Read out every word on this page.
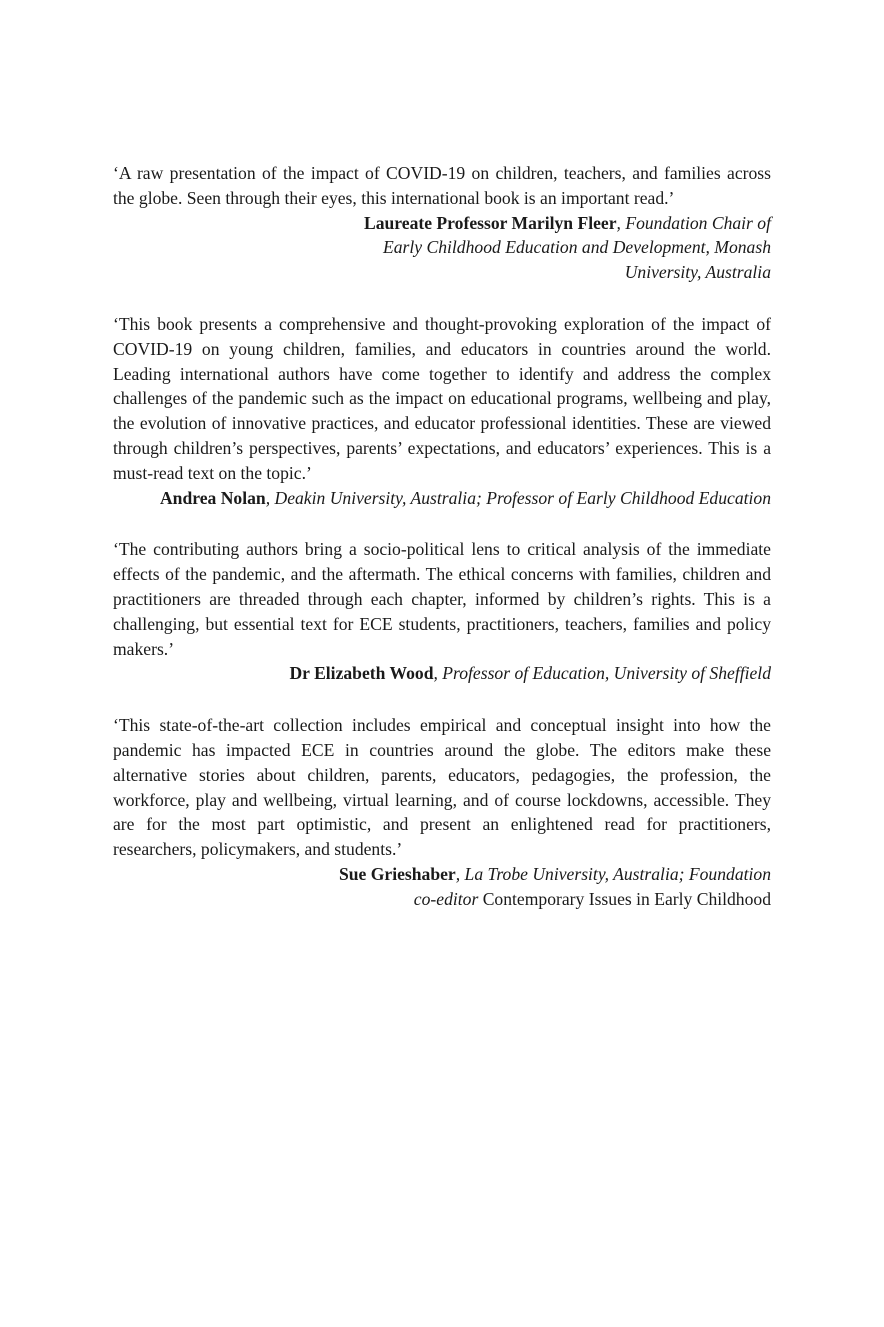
‘A raw presentation of the impact of COVID-19 on children, teachers, and families across the globe. Seen through their eyes, this international book is an important read.’

Laureate Professor Marilyn Fleer, Foundation Chair of
Early Childhood Education and Development, Monash
University, Australia

‘This book presents a comprehensive and thought-provoking exploration of the impact of COVID-19 on young children, families, and educators in countries around the world. Leading international authors have come together to identify and address the complex challenges of the pandemic such as the impact on educational programs, wellbeing and play, the evolution of innovative practices, and educator professional identities. These are viewed through children’s perspectives, parents’ expectations, and educators’ experiences. This is a must-read text on the topic.’

Andrea Nolan, Deakin University, Australia; Professor of Early Childhood Education

‘The contributing authors bring a socio-political lens to critical analysis of the immediate effects of the pandemic, and the aftermath. The ethical concerns with families, children and practitioners are threaded through each chapter, informed by children’s rights. This is a challenging, but essential text for ECE students, practitioners, teachers, families and policy makers.’

Dr Elizabeth Wood, Professor of Education, University of Sheffield

‘This state-of-the-art collection includes empirical and conceptual insight into how the pandemic has impacted ECE in countries around the globe. The editors make these alternative stories about children, parents, educators, pedagogies, the profession, the workforce, play and wellbeing, virtual learning, and of course lockdowns, accessible. They are for the most part optimistic, and present an enlightened read for practitioners, researchers, policymakers, and students.’

Sue Grieshaber, La Trobe University, Australia; Foundation
co-editor Contemporary Issues in Early Childhood
